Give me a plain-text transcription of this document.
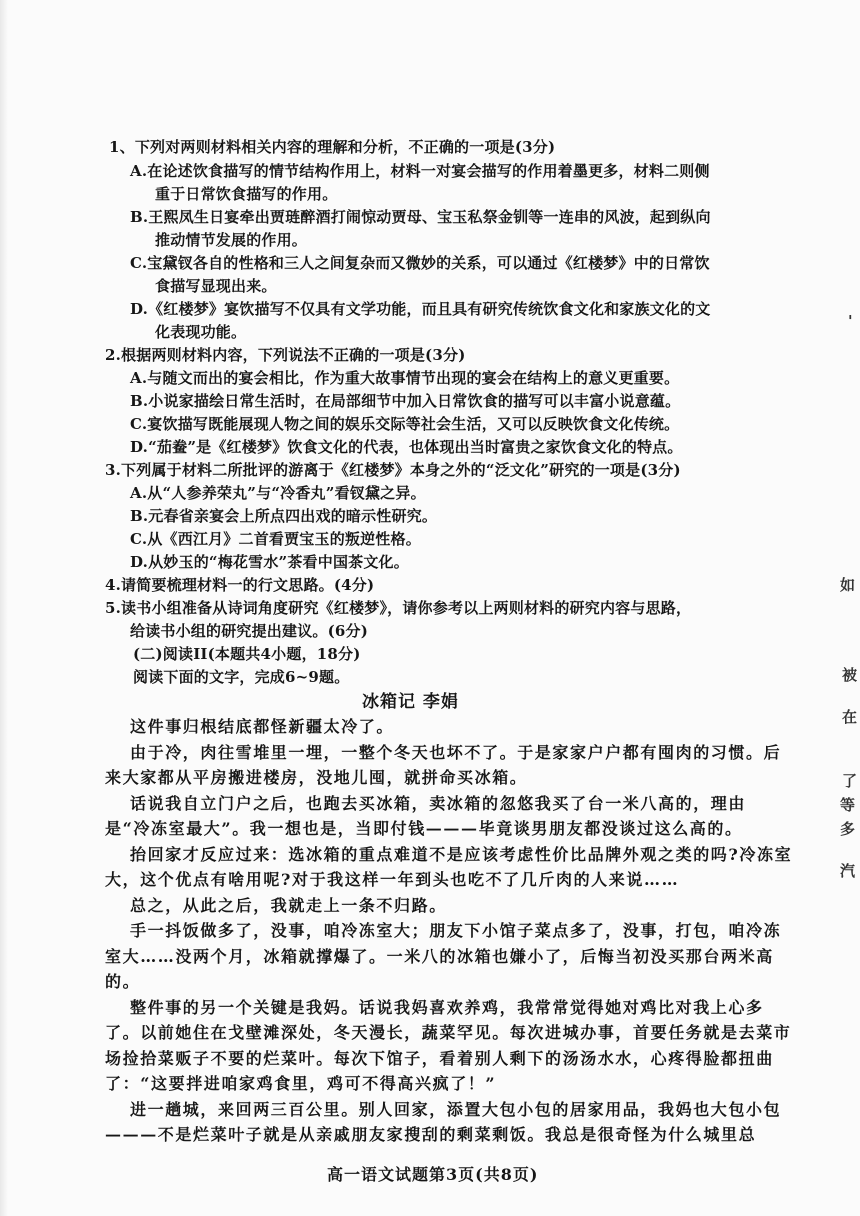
1、下列对两则材料相关内容的理解和分析，不正确的一项是(3分)
A.在论述饮食描写的情节结构作用上，材料一对宴会描写的作用着墨更多，材料二则侧
重于日常饮食描写的作用。
B.王熙凤生日宴牵出贾琏醉酒打闹惊动贾母、宝玉私祭金钏等一连串的风波，起到纵向
推动情节发展的作用。
C.宝黛钗各自的性格和三人之间复杂而又微妙的关系，可以通过《红楼梦》中的日常饮
食描写显现出来。
D.《红楼梦》宴饮描写不仅具有文学功能，而且具有研究传统饮食文化和家族文化的文
化表现功能。
2.根据两则材料内容，下列说法不正确的一项是(3分)
A.与随文而出的宴会相比，作为重大故事情节出现的宴会在结构上的意义更重要。
B.小说家描绘日常生活时，在局部细节中加入日常饮食的描写可以丰富小说意蕴。
C.宴饮描写既能展现人物之间的娱乐交际等社会生活，又可以反映饮食文化传统。
D.“茄鲞”是《红楼梦》饮食文化的代表，也体现出当时富贵之家饮食文化的特点。
3.下列属于材料二所批评的游离于《红楼梦》本身之外的“泛文化”研究的一项是(3分)
A.从“人参养荣丸”与“冷香丸”看钗黛之异。
B.元春省亲宴会上所点四出戏的暗示性研究。
C.从《西江月》二首看贾宝玉的叛逆性格。
D.从妙玉的“梅花雪水”茶看中国茶文化。
4.请简要梳理材料一的行文思路。(4分)
5.读书小组准备从诗词角度研究《红楼梦》，请你参考以上两则材料的研究内容与思路，
给读书小组的研究提出建议。(6分)
(二)阅读II(本题共4小题，18分)
阅读下面的文字，完成6~9题。
冰箱记 李娟
这件事归根结底都怪新疆太冷了。
由于冷，肉往雪堆里一埋，一整个冬天也坏不了。于是家家户户都有囤肉的习惯。后
来大家都从平房搬进楼房，没地儿囤，就拼命买冰箱。
话说我自立门户之后，也跑去买冰箱，卖冰箱的忽悠我买了台一米八高的，理由
是“冷冻室最大”。我一想也是，当即付钱———毕竟谈男朋友都没谈过这么高的。
抬回家才反应过来：选冰箱的重点难道不是应该考虑性价比品牌外观之类的吗?冷冻室
大，这个优点有啥用呢?对于我这样一年到头也吃不了几斤肉的人来说……
总之，从此之后，我就走上一条不归路。
手一抖饭做多了，没事，咱冷冻室大；朋友下小馆子菜点多了，没事，打包，咱冷冻
室大……没两个月，冰箱就撑爆了。一米八的冰箱也嫌小了，后悔当初没买那台两米高
的。
整件事的另一个关键是我妈。话说我妈喜欢养鸡，我常常觉得她对鸡比对我上心多
了。以前她住在戈壁滩深处，冬天漫长，蔬菜罕见。每次进城办事，首要任务就是去菜市
场捡拾菜贩子不要的烂菜叶。每次下馆子，看着别人剩下的汤汤水水，心疼得脸都扭曲
了：“这要拌进咱家鸡食里，鸡可不得高兴疯了！”
进一趟城，来回两三百公里。别人回家，添置大包小包的居家用品，我妈也大包小包
———不是烂菜叶子就是从亲戚朋友家搜刮的剩菜剩饭。我总是很奇怪为什么城里总
高一语文试题第3页(共8页)
'
如
被
在
了
等
多
汽
